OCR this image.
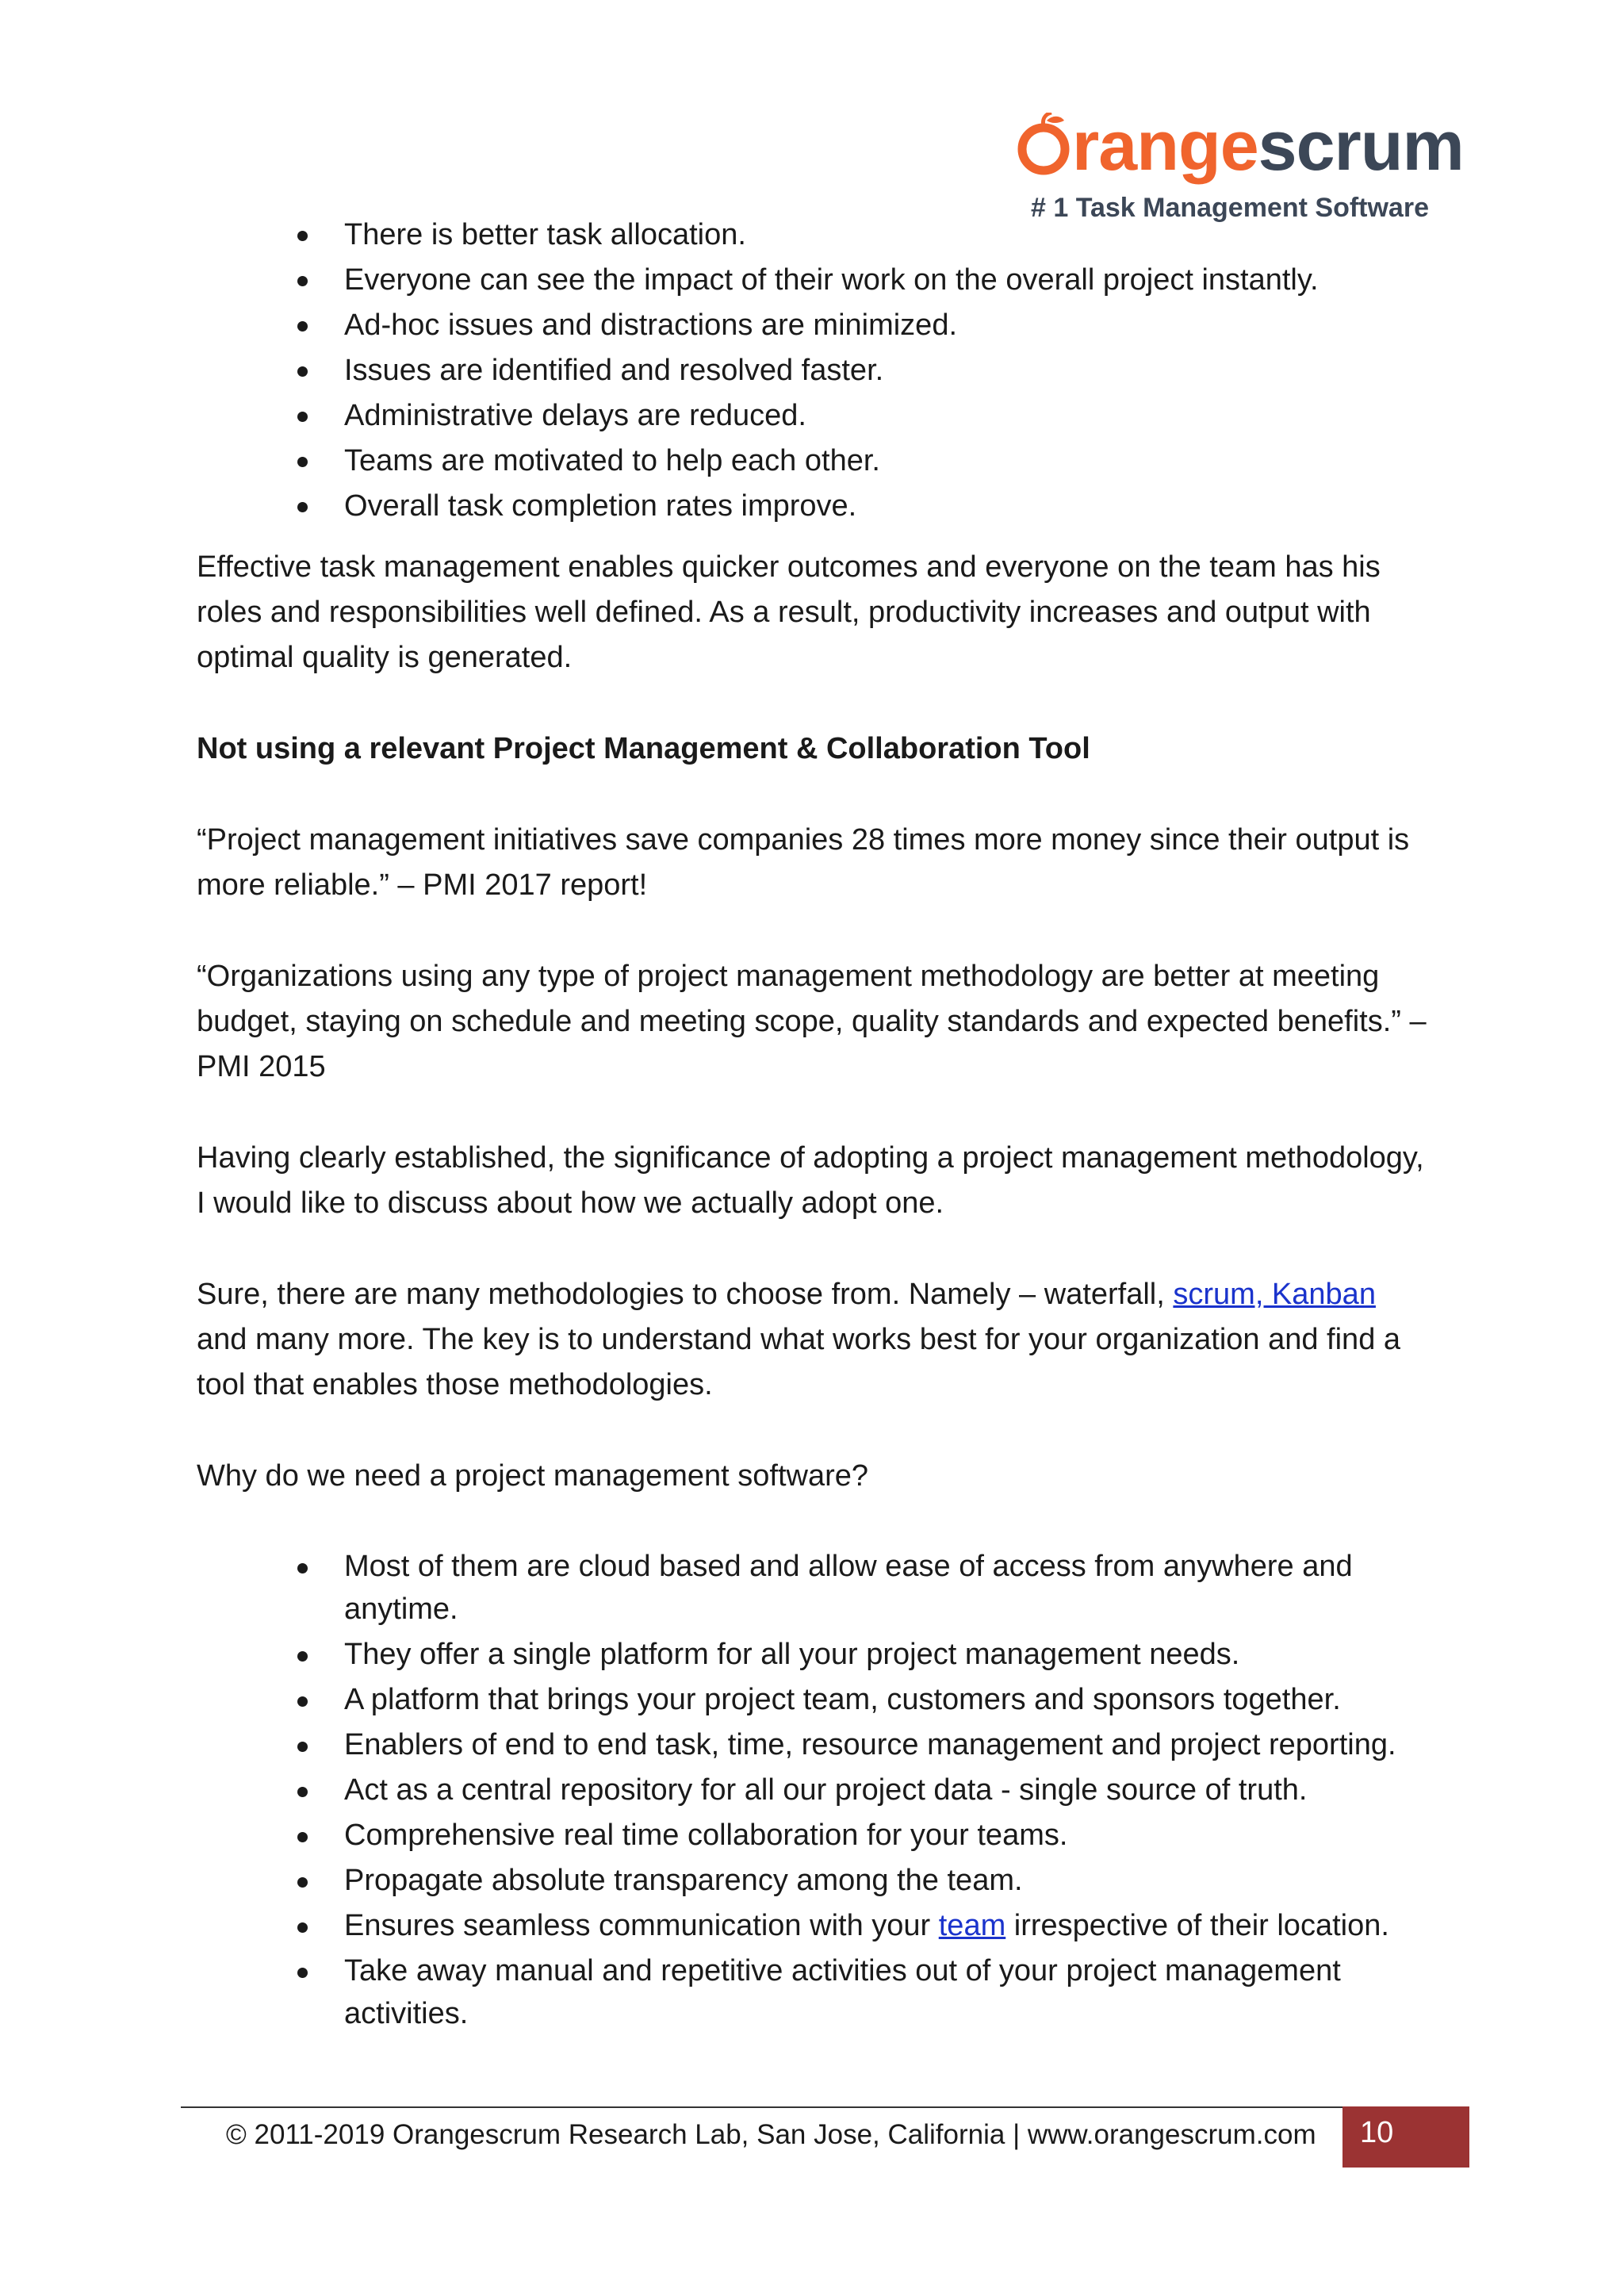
rangescrum
# 1 Task Management Software
There is better task allocation.
Everyone can see the impact of their work on the overall project instantly.
Ad-hoc issues and distractions are minimized.
Issues are identified and resolved faster.
Administrative delays are reduced.
Teams are motivated to help each other.
Overall task completion rates improve.

Effective task management enables quicker outcomes and everyone on the team has his roles and responsibilities well defined. As a result, productivity increases and output with optimal quality is generated.

Not using a relevant Project Management & Collaboration Tool

“Project management initiatives save companies 28 times more money since their output is more reliable.” – PMI 2017 report!

“Organizations using any type of project management methodology are better at meeting budget, staying on schedule and meeting scope, quality standards and expected benefits.” – PMI 2015

Having clearly established, the significance of adopting a project management methodology, I would like to discuss about how we actually adopt one.

Sure, there are many methodologies to choose from. Namely – waterfall, scrum, Kanban and many more. The key is to understand what works best for your organization and find a tool that enables those methodologies.

Why do we need a project management software?

Most of them are cloud based and allow ease of access from anywhere and anytime.
They offer a single platform for all your project management needs.
A platform that brings your project team, customers and sponsors together.
Enablers of end to end task, time, resource management and project reporting.
Act as a central repository for all our project data - single source of truth.
Comprehensive real time collaboration for your teams.
Propagate absolute transparency among the team.
Ensures seamless communication with your team irrespective of their location.
Take away manual and repetitive activities out of your project management activities.
© 2011-2019 Orangescrum Research Lab, San Jose, California | www.orangescrum.com	10
